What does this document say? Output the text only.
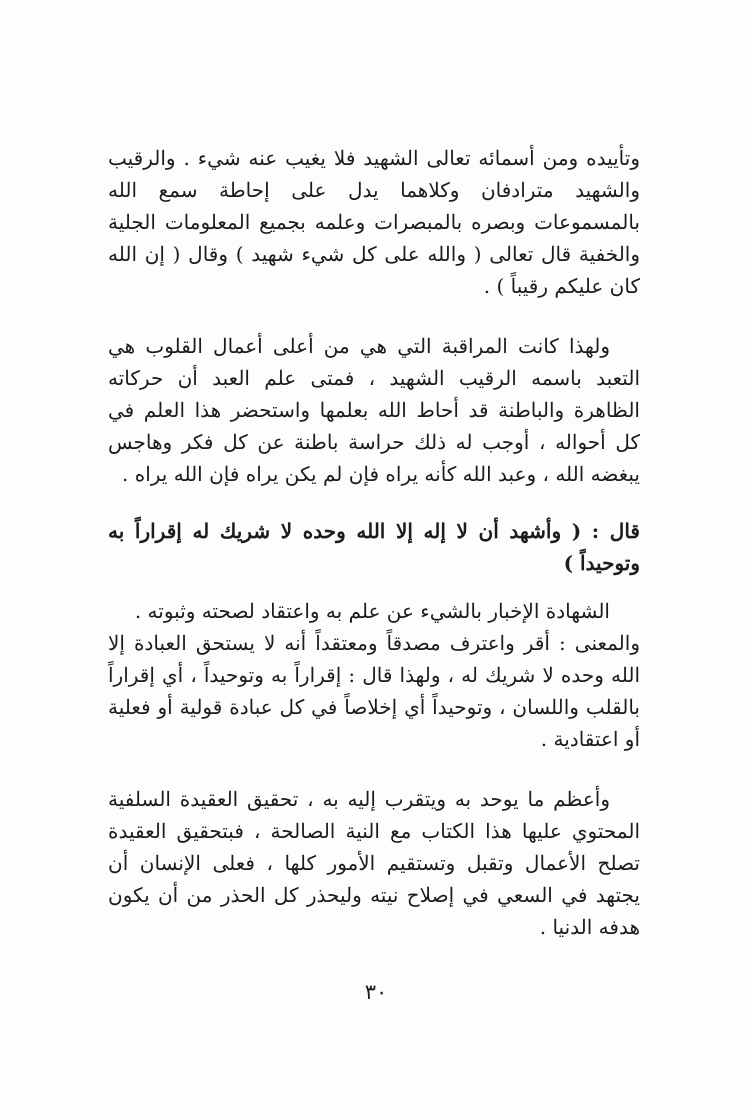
وتأييده ومن أسمائه تعالى الشهيد فلا يغيب عنه شيء . والرقيب والشهيد مترادفان وكلاهما يدل على إحاطة سمع الله بالمسموعات وبصره بالمبصرات وعلمه بجميع المعلومات الجلية والخفية قال تعالى ( والله على كل شيء شهيد ) وقال ( إن الله كان عليكم رقيباً ) .

ولهذا كانت المراقبة التي هي من أعلى أعمال القلوب هي التعبد باسمه الرقيب الشهيد ، فمتى علم العبد أن حركاته الظاهرة والباطنة قد أحاط الله بعلمها واستحضر هذا العلم في كل أحواله ، أوجب له ذلك حراسة باطنة عن كل فكر وهاجس يبغضه الله ، وعبد الله كأنه يراه فإن لم يكن يراه فإن الله يراه .

قال : ( وأشهد أن لا إله إلا الله وحده لا شريك له إقراراً به وتوحيداً )

الشهادة الإخبار بالشيء عن علم به واعتقاد لصحته وثبوته .

والمعنى : أقر واعترف مصدقاً ومعتقداً أنه لا يستحق العبادة إلا الله وحده لا شريك له ، ولهذا قال : إقراراً به وتوحيداً ، أي إقراراً بالقلب واللسان ، وتوحيداً أي إخلاصاً في كل عبادة قولية أو فعلية أو اعتقادية .

وأعظم ما يوحد به ويتقرب إليه به ، تحقيق العقيدة السلفية المحتوي عليها هذا الكتاب مع النية الصالحة ، فبتحقيق العقيدة تصلح الأعمال وتقبل وتستقيم الأمور كلها ، فعلى الإنسان أن يجتهد في السعي في إصلاح نيته وليحذر كل الحذر من أن يكون هدفه الدنيا .

٣٠
